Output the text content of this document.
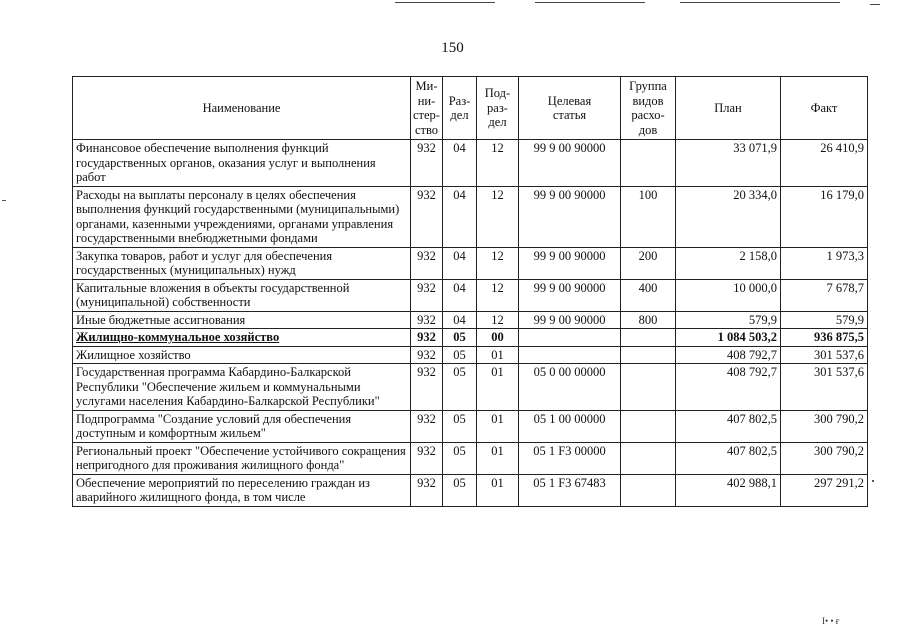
150
Наименование	Ми-
ни-
стер-
ство	Раз-
дел	Под-
раз-
дел	Целевая
статья	Группа
видов
расхо-
дов	План	Факт
Финансовое обеспечение выполнения функций государственных органов, оказания услуг и выполнения работ	932	04	12	99 9 00 90000		33 071,9	26 410,9
Расходы на выплаты персоналу в целях обеспечения выполнения функций государственными (муниципальными) органами, казенными учреждениями, органами управления государственными внебюджетными фондами	932	04	12	99 9 00 90000	100	20 334,0	16 179,0
Закупка товаров, работ и услуг для обеспечения государственных (муниципальных) нужд	932	04	12	99 9 00 90000	200	2 158,0	1 973,3
Капитальные вложения в объекты государственной (муниципальной) собственности	932	04	12	99 9 00 90000	400	10 000,0	7 678,7
Иные бюджетные ассигнования	932	04	12	99 9 00 90000	800	579,9	579,9
Жилищно-коммунальное хозяйство	932	05	00			1 084 503,2	936 875,5
Жилищное хозяйство	932	05	01			408 792,7	301 537,6
Государственная программа Кабардино-Балкарской Республики "Обеспечение жильем и коммунальными услугами населения Кабардино-Балкарской Республики"	932	05	01	05 0 00 00000		408 792,7	301 537,6
Подпрограмма "Создание условий для обеспечения доступным и комфортным жильем"	932	05	01	05 1 00 00000		407 802,5	300 790,2
Региональный проект "Обеспечение устойчивого сокращения непригодного для проживания жилищного фонда"	932	05	01	05 1 F3 00000		407 802,5	300 790,2
Обеспечение мероприятий по переселению граждан из аварийного жилищного фонда, в том числе	932	05	01	05 1 F3 67483		402 988,1	297 291,2
I• • ғ
